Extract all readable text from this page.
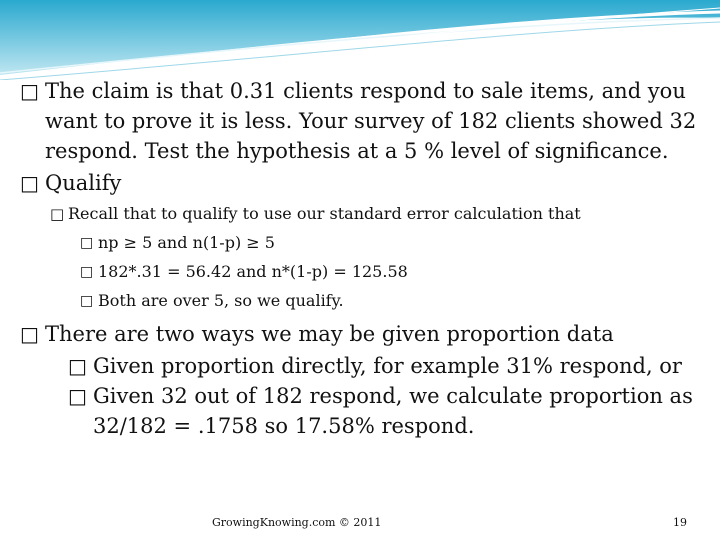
□ The claim is that 0.31 clients respond to sale items, and you want to prove it is less. Your survey of 182 clients showed 32 respond. Test the hypothesis at a 5 % level of significance.
□ Qualify
□ Recall that to qualify to use our standard error calculation that
□ np ≥ 5 and n(1-p) ≥ 5
□ 182*.31 = 56.42 and n*(1-p) = 125.58
□ Both are over 5, so we qualify.
□ There are two ways we may be given proportion data
□ Given proportion directly, for example 31% respond, or
□ Given 32 out of 182 respond, we calculate proportion as 32/182 = .1758 so 17.58% respond.
GrowingKnowing.com © 2011	19
